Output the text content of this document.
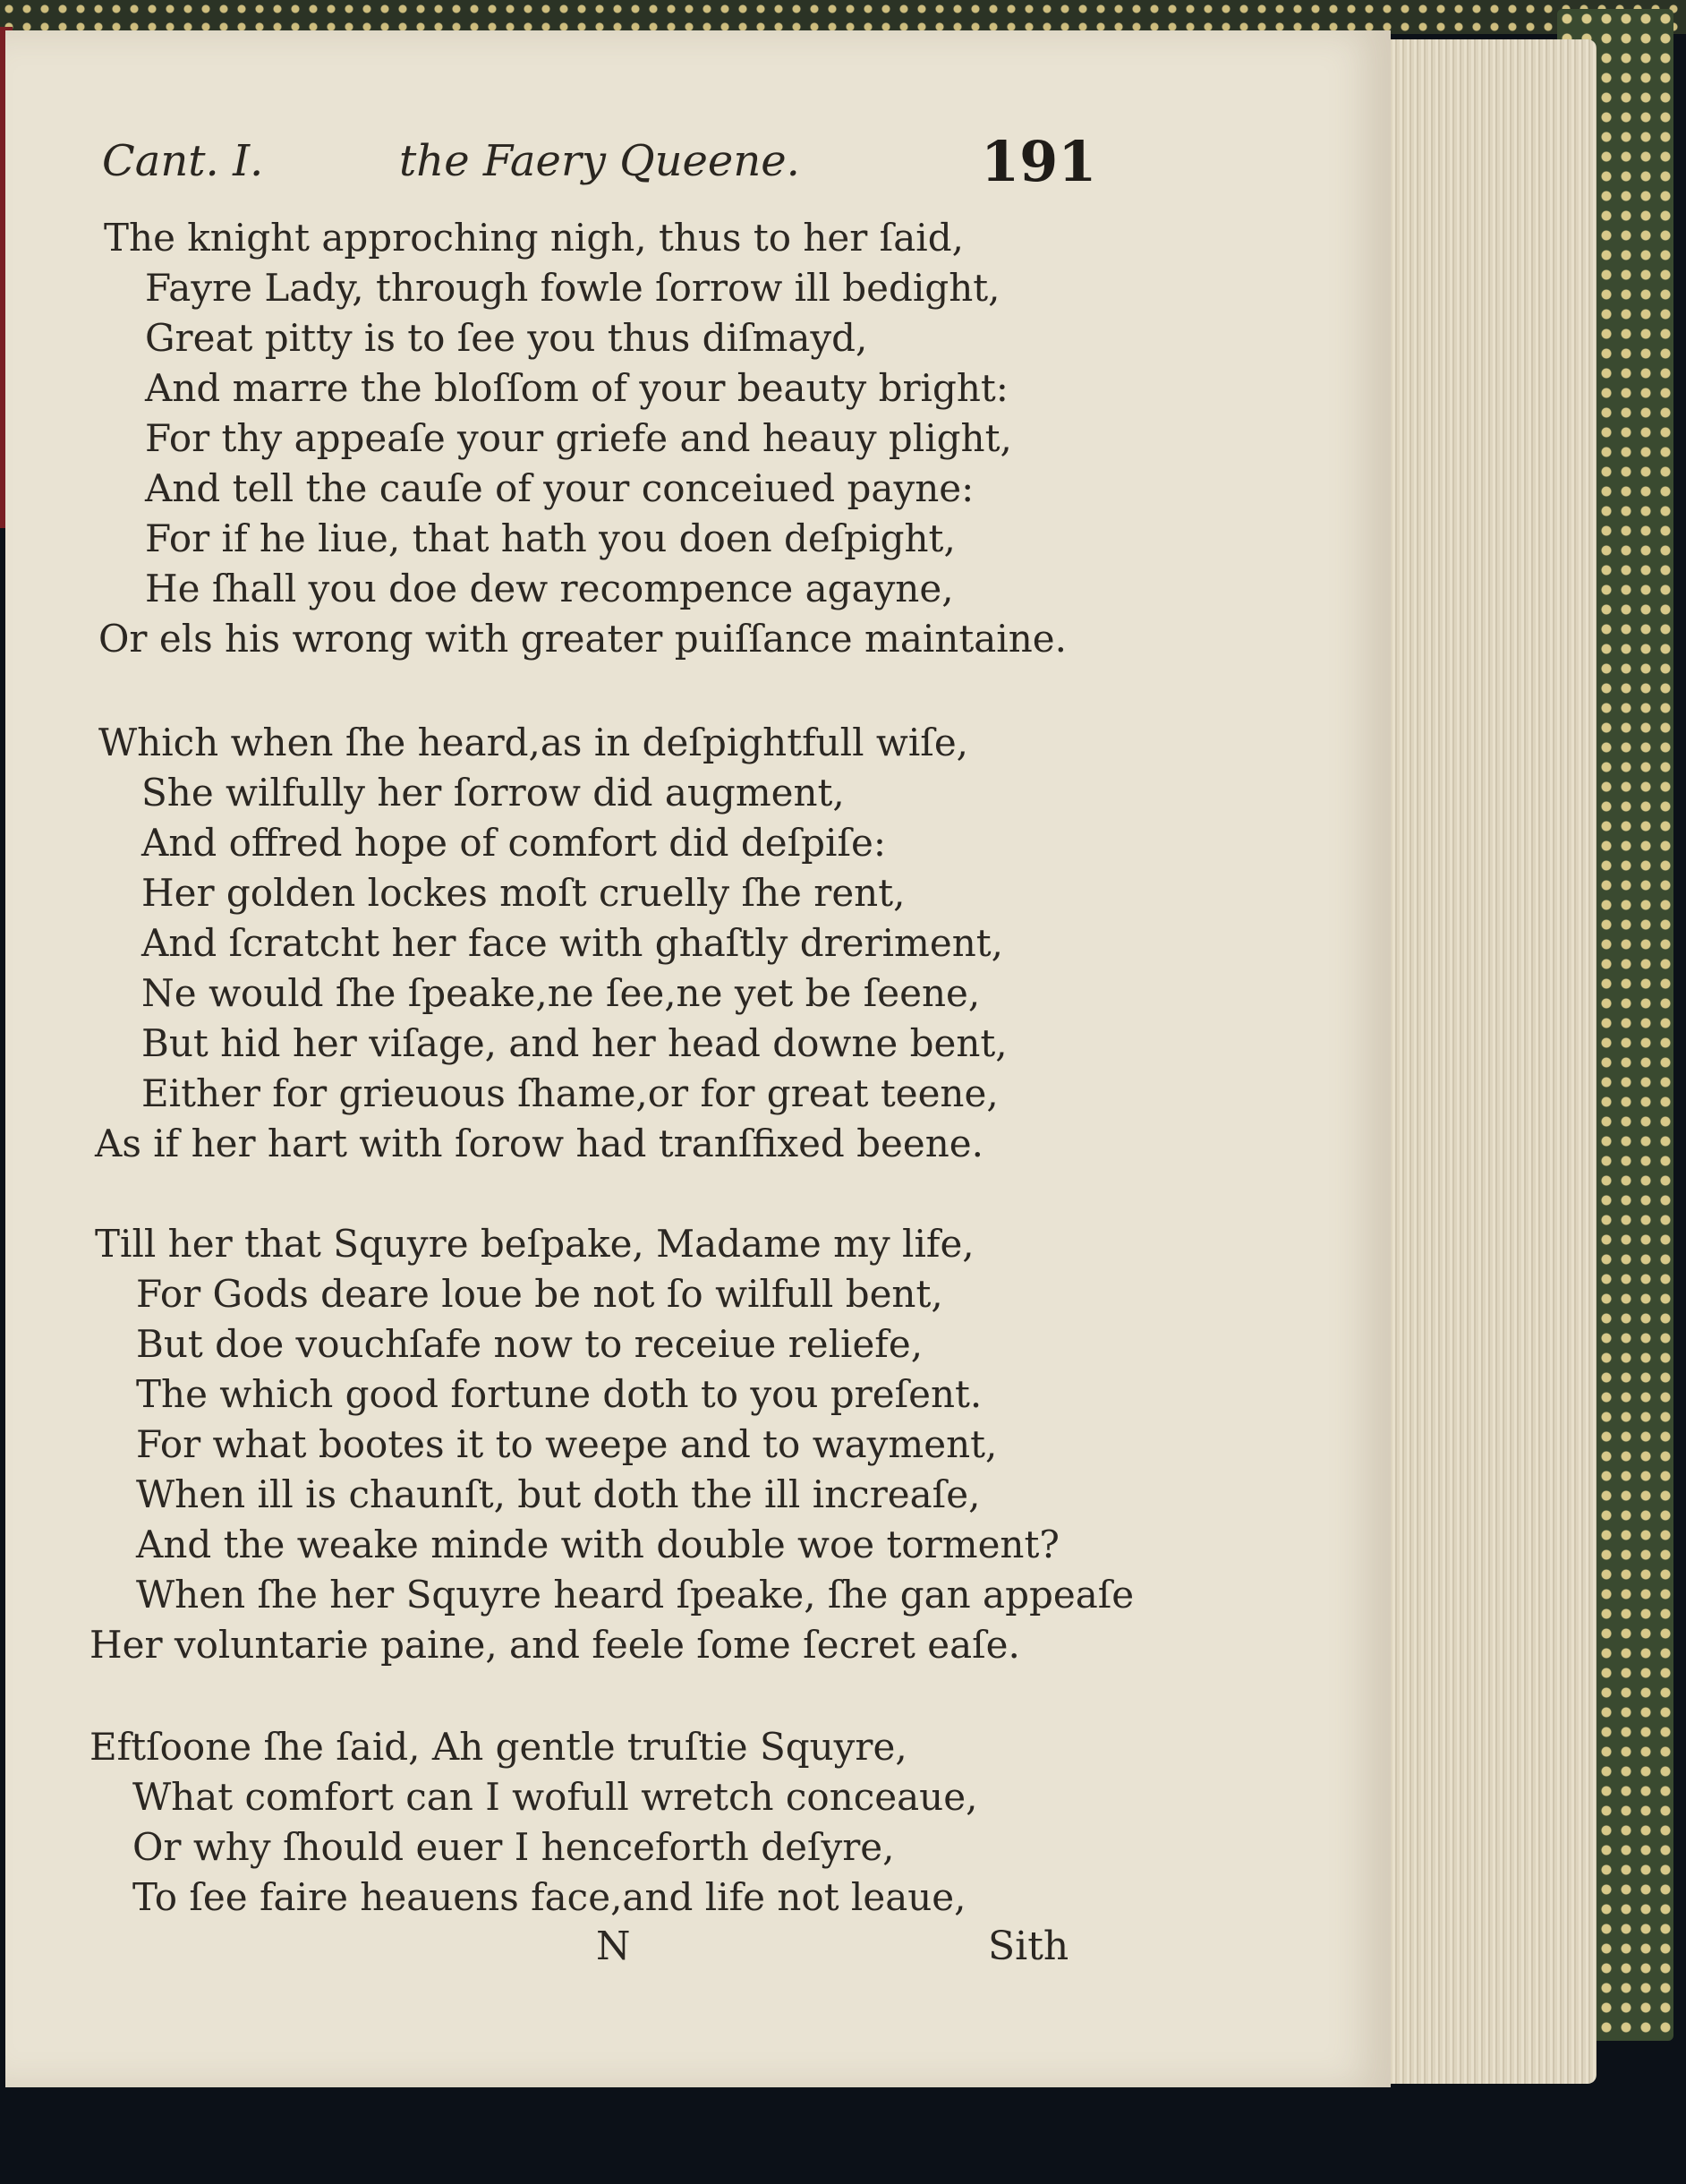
Cant. I.	the Faery Queene.	191
The knight approching nigh, thus to her ſaid,
Fayre Lady, through fowle ſorrow ill bedight,
Great pitty is to ſee you thus diſmayd,
And marre the bloſſom of your beauty bright:
For thy appeaſe your griefe and heauy plight,
And tell the cauſe of your conceiued payne:
For if he liue, that hath you doen deſpight,
He ſhall you doe dew recompence agayne,
Or els his wrong with greater puiſſance maintaine.
Which when ſhe heard,as in deſpightfull wiſe,
She wilfully her ſorrow did augment,
And offred hope of comfort did deſpiſe:
Her golden lockes moſt cruelly ſhe rent,
And ſcratcht her face with ghaſtly dreriment,
Ne would ſhe ſpeake,ne ſee,ne yet be ſeene,
But hid her viſage, and her head downe bent,
Either for grieuous ſhame,or for great teene,
As if her hart with ſorow had tranſfixed beene.
Till her that Squyre beſpake, Madame my life,
For Gods deare loue be not ſo wilfull bent,
But doe vouchſafe now to receiue reliefe,
The which good fortune doth to you preſent.
For what bootes it to weepe and to wayment,
When ill is chaunſt, but doth the ill increaſe,
And the weake minde with double woe torment?
When ſhe her Squyre heard ſpeake, ſhe gan appeaſe
Her voluntarie paine, and feele ſome ſecret eaſe.
Eftſoone ſhe ſaid, Ah gentle truſtie Squyre,
What comfort can I wofull wretch conceaue,
Or why ſhould euer I henceforth deſyre,
To ſee faire heauens face,and life not leaue,
N	Sith
